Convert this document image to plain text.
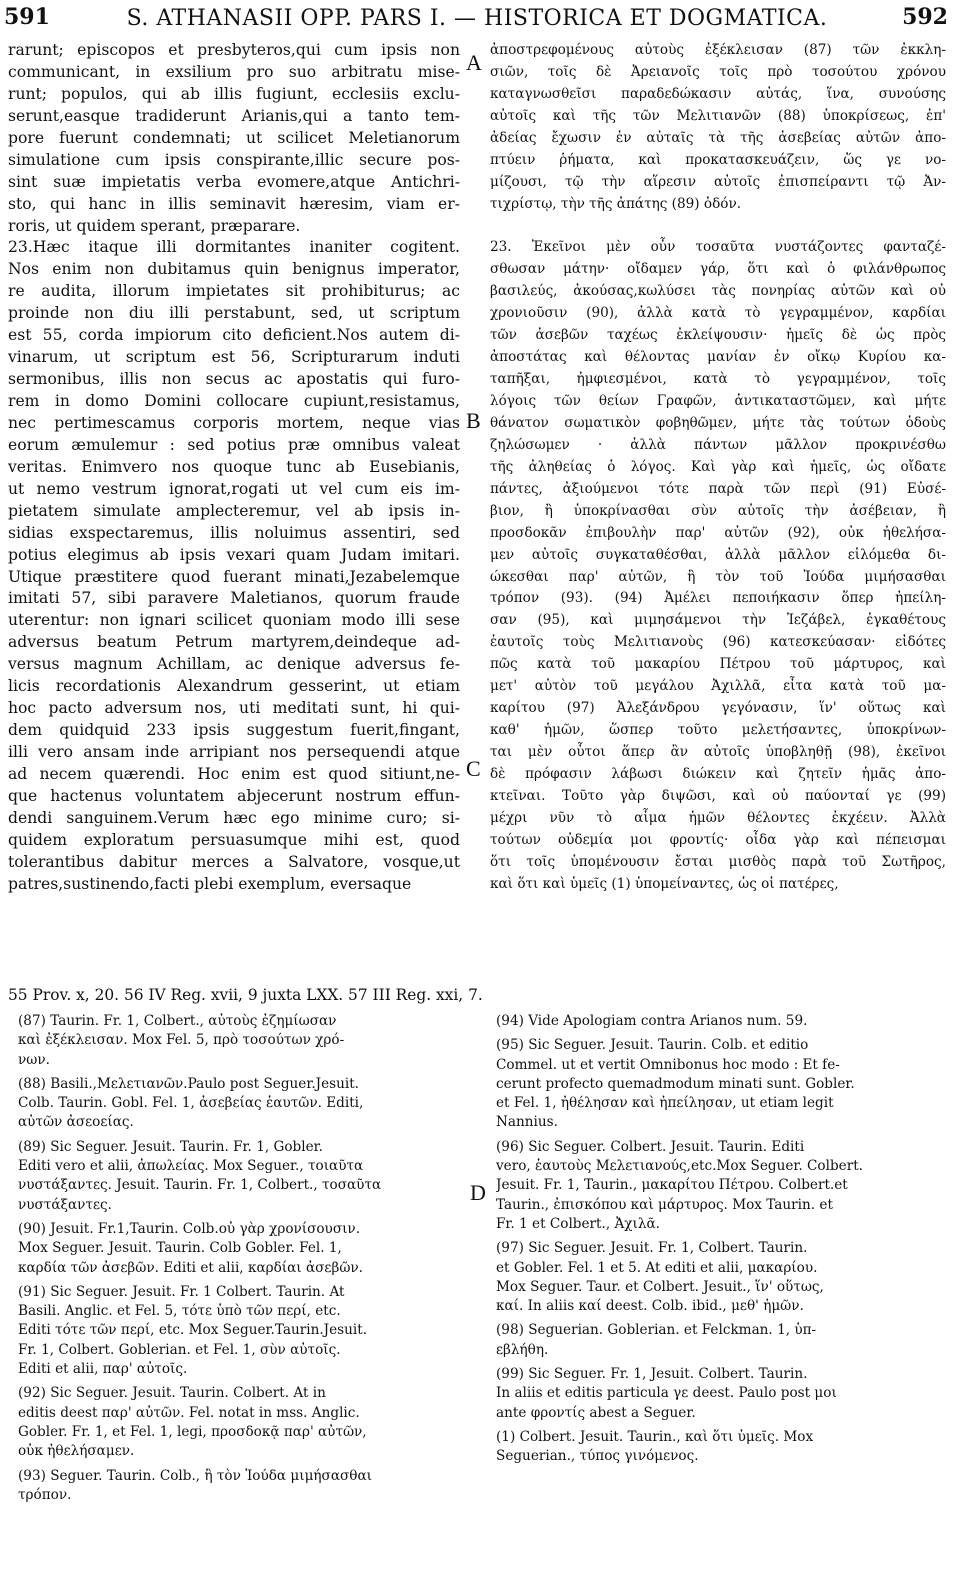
591	S. ATHANASII OPP. PARS I. — HISTORICA ET DOGMATICA.	592
A
B
C
D
rarunt; episcopos et presbyteros,qui cum ipsis non
communicant, in exsilium pro suo arbitratu mise-
runt; populos, qui ab illis fugiunt, ecclesiis exclu-
serunt,easque tradiderunt Arianis,qui a tanto tem-
pore fuerunt condemnati; ut scilicet Meletianorum
simulatione cum ipsis conspirante,illic secure pos-
sint suæ impietatis verba evomere,atque Antichri-
sto, qui hanc in illis seminavit hæresim, viam er-
roris, ut quidem sperant, præparare.
23.Hæc itaque illi dormitantes inaniter cogitent.
Nos enim non dubitamus quin benignus imperator,
re audita, illorum impietates sit prohibiturus; ac
proinde non diu illi perstabunt, sed, ut scriptum
est 55, corda impiorum cito deficient.Nos autem di-
vinarum, ut scriptum est 56, Scripturarum induti
sermonibus, illis non secus ac apostatis qui furo-
rem in domo Domini collocare cupiunt,resistamus,
nec pertimescamus corporis mortem, neque vias
eorum æmulemur : sed potius præ omnibus valeat
veritas. Enimvero nos quoque tunc ab Eusebianis,
ut nemo vestrum ignorat,rogati ut vel cum eis im-
pietatem simulate amplecteremur, vel ab ipsis in-
sidias exspectaremus, illis noluimus assentiri, sed
potius elegimus ab ipsis vexari quam Judam imitari.
Utique præstitere quod fuerant minati,Jezabelemque
imitati 57, sibi paravere Maletianos, quorum fraude
uterentur: non ignari scilicet quoniam modo illi sese
adversus beatum Petrum martyrem,deindeque ad-
versus magnum Achillam, ac denique adversus fe-
licis recordationis Alexandrum gesserint, ut etiam
hoc pacto adversum nos, uti meditati sunt, hi qui-
dem quidquid 233 ipsis suggestum fuerit,fingant,
illi vero ansam inde arripiant nos persequendi atque
ad necem quærendi. Hoc enim est quod sitiunt,ne-
que hactenus voluntatem abjecerunt nostrum effun-
dendi sanguinem.Verum hæc ego minime curo; si-
quidem exploratum persuasumque mihi est, quod
tolerantibus dabitur merces a Salvatore, vosque,ut
patres,sustinendo,facti plebi exemplum, eversaque
ἀποστρεφομένους αὐτοὺς ἐξέκλεισαν (87) τῶν ἐκκλη-
σιῶν, τοῖς δὲ Ἀρειανοῖς τοῖς πρὸ τοσούτου χρόνου
καταγνωσθεῖσι παραδεδώκασιν αὐτάς, ἵνα, συνούσης
αὐτοῖς καὶ τῆς τῶν Μελιτιανῶν (88) ὑποκρίσεως, ἐπ'
ἀδείας ἔχωσιν ἐν αὐταῖς τὰ τῆς ἀσεβείας αὐτῶν ἀπο-
πτύειν ῥήματα, καὶ προκατασκευάζειν, ὥς γε νο-
μίζουσι, τῷ τὴν αἵρεσιν αὐτοῖς ἐπισπείραντι τῷ Ἀν-
τιχρίστῳ, τὴν τῆς ἀπάτης (89) ὁδόν.
23. Ἐκεῖνοι μὲν οὖν τοσαῦτα νυστάζοντες φανταζέ-
σθωσαν μάτην· οἴδαμεν γάρ, ὅτι καὶ ὁ φιλάνθρωπος
βασιλεύς, ἀκούσας,κωλύσει τὰς πονηρίας αὐτῶν καὶ οὐ
χρονιοῦσιν (90), ἀλλὰ κατὰ τὸ γεγραμμένον, καρδίαι
τῶν ἀσεβῶν ταχέως ἐκλείψουσιν· ἡμεῖς δὲ ὡς πρὸς
ἀποστάτας καὶ θέλοντας μανίαν ἐν οἴκῳ Κυρίου κα-
ταπῆξαι, ἠμφιεσμένοι, κατὰ τὸ γεγραμμένον, τοῖς
λόγοις τῶν θείων Γραφῶν, ἀντικαταστῶμεν, καὶ μήτε
θάνατον σωματικὸν φοβηθῶμεν, μήτε τὰς τούτων ὁδοὺς
ζηλώσωμεν · ἀλλὰ πάντων μᾶλλον προκρινέσθω
τῆς ἀληθείας ὁ λόγος. Καὶ γὰρ καὶ ἡμεῖς, ὡς οἴδατε
πάντες, ἀξιούμενοι τότε παρὰ τῶν περὶ (91) Εὐσέ-
βιον, ἢ ὑποκρίνασθαι σὺν αὐτοῖς τὴν ἀσέβειαν, ἢ
προσδοκᾶν ἐπιβουλὴν παρ' αὐτῶν (92), οὐκ ἠθελήσα-
μεν αὐτοῖς συγκαταθέσθαι, ἀλλὰ μᾶλλον εἱλόμεθα δι-
ώκεσθαι παρ' αὐτῶν, ἢ τὸν τοῦ Ἰούδα μιμήσασθαι
τρόπον (93). (94) Ἀμέλει πεποιήκασιν ὅπερ ἠπείλη-
σαν (95), καὶ μιμησάμενοι τὴν Ἰεζάβελ, ἐγκαθέτους
ἑαυτοῖς τοὺς Μελιτιανοὺς (96) κατεσκεύασαν· εἰδότες
πῶς κατὰ τοῦ μακαρίου Πέτρου τοῦ μάρτυρος, καὶ
μετ' αὐτὸν τοῦ μεγάλου Ἀχιλλᾶ, εἶτα κατὰ τοῦ μα-
καρίτου (97) Ἀλεξάνδρου γεγόνασιν, ἵν' οὕτως καὶ
καθ' ἡμῶν, ὥσπερ τοῦτο μελετήσαντες, ὑποκρίνων-
ται μὲν οὗτοι ἅπερ ἂν αὐτοῖς ὑποβληθῇ (98), ἐκεῖνοι
δὲ πρόφασιν λάβωσι διώκειν καὶ ζητεῖν ἡμᾶς ἀπο-
κτεῖναι. Τοῦτο γὰρ διψῶσι, καὶ οὐ παύονταί γε (99)
μέχρι νῦν τὸ αἷμα ἡμῶν θέλοντες ἐκχέειν. Ἀλλὰ
τούτων οὐδεμία μοι φροντίς· οἶδα γὰρ καὶ πέπεισμαι
ὅτι τοῖς ὑπομένουσιν ἔσται μισθὸς παρὰ τοῦ Σωτῆρος,
καὶ ὅτι καὶ ὑμεῖς (1) ὑπομείναντες, ὡς οἱ πατέρες,
55 Prov. x, 20. 56 IV Reg. xvii, 9 juxta LXX. 57 III Reg. xxi, 7.
(87) Taurin. Fr. 1, Colbert., αὐτοὺς ἐζημίωσαν
καὶ ἐξέκλεισαν. Mox Fel. 5, πρὸ τοσούτων χρό-
νων.
(88) Basili.,Μελετιανῶν.Paulo post Seguer.Jesuit.
Colb. Taurin. Gobl. Fel. 1, ἀσεβείας ἑαυτῶν. Editi,
αὐτῶν ἀσεοείας.
(89) Sic Seguer. Jesuit. Taurin. Fr. 1, Gobler.
Editi vero et alii, ἀπωλείας. Mox Seguer., τοιαῦτα
νυστάξαντες. Jesuit. Taurin. Fr. 1, Colbert., τοσαῦτα
νυστάξαντες.
(90) Jesuit. Fr.1,Taurin. Colb.οὐ γὰρ χρονίσουσιν.
Mox Seguer. Jesuit. Taurin. Colb Gobler. Fel. 1,
καρδία τῶν ἀσεβῶν. Editi et alii, καρδίαι ἀσεβῶν.
(91) Sic Seguer. Jesuit. Fr. 1 Colbert. Taurin. At
Basili. Anglic. et Fel. 5, τότε ὑπὸ τῶν περί, etc.
Editi τότε τῶν περί, etc. Mox Seguer.Taurin.Jesuit.
Fr. 1, Colbert. Goblerian. et Fel. 1, σὺν αὐτοῖς.
Editi et alii, παρ' αὐτοῖς.
(92) Sic Seguer. Jesuit. Taurin. Colbert. At in
editis deest παρ' αὐτῶν. Fel. notat in mss. Anglic.
Gobler. Fr. 1, et Fel. 1, legi, προσδοκᾷ παρ' αὐτῶν,
οὐκ ἠθελήσαμεν.
(93) Seguer. Taurin. Colb., ἢ τὸν Ἰούδα μιμήσασθαι
τρόπον.
(94) Vide Apologiam contra Arianos num. 59.
(95) Sic Seguer. Jesuit. Taurin. Colb. et editio
Commel. ut et vertit Omnibonus hoc modo : Et fe-
cerunt profecto quemadmodum minati sunt. Gobler.
et Fel. 1, ἠθέλησαν καὶ ἠπείλησαν, ut etiam legit
Nannius.
(96) Sic Seguer. Colbert. Jesuit. Taurin. Editi
vero, ἑαυτοὺς Μελετιανούς,etc.Mox Seguer. Colbert.
Jesuit. Fr. 1, Taurin., μακαρίτου Πέτρου. Colbert.et
Taurin., ἐπισκόπου καὶ μάρτυρος. Mox Taurin. et
Fr. 1 et Colbert., Ἀχιλᾶ.
(97) Sic Seguer. Jesuit. Fr. 1, Colbert. Taurin.
et Gobler. Fel. 1 et 5. At editi et alii, μακαρίου.
Mox Seguer. Taur. et Colbert. Jesuit., ἵν' οὕτως,
καί. In aliis καί deest. Colb. ibid., μεθ' ἡμῶν.
(98) Seguerian. Goblerian. et Felckman. 1, ὑπ-
εβλήθη.
(99) Sic Seguer. Fr. 1, Jesuit. Colbert. Taurin.
In aliis et editis particula γε deest. Paulo post μοι
ante φροντίς abest a Seguer.
(1) Colbert. Jesuit. Taurin., καὶ ὅτι ὑμεῖς. Mox
Seguerian., τύπος γινόμενος.
